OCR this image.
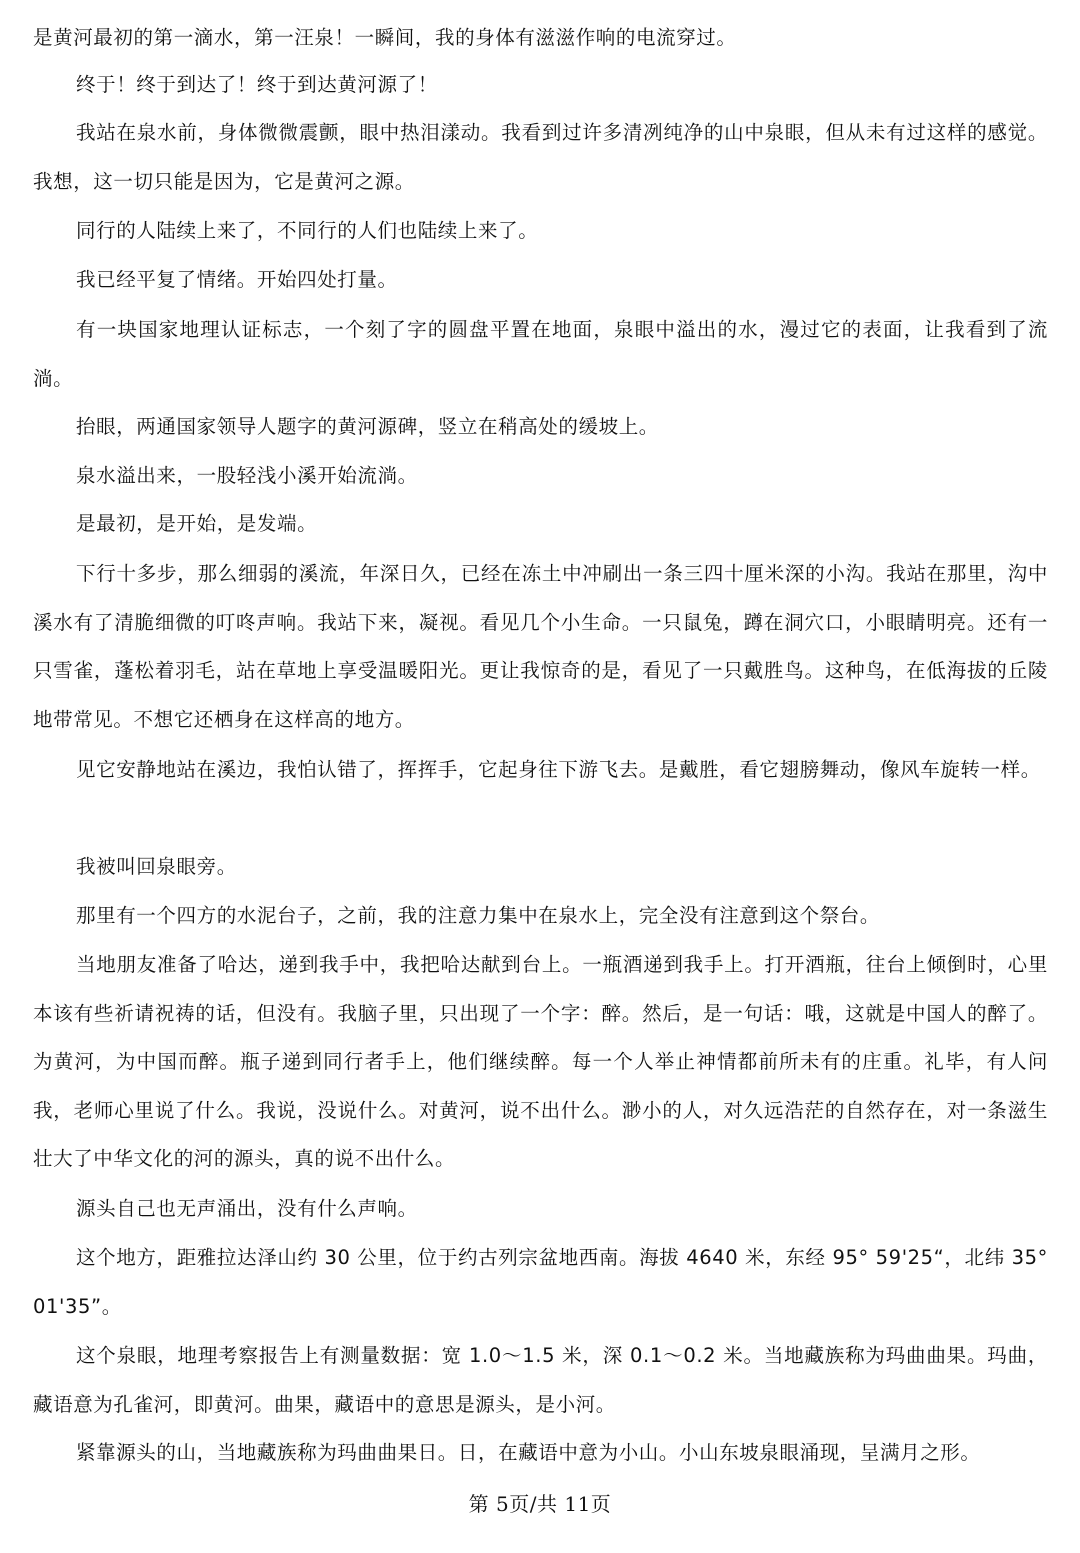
是黄河最初的第一滴水，第一汪泉！一瞬间，我的身体有滋滋作响的电流穿过。

终于！终于到达了！终于到达黄河源了！

我站在泉水前，身体微微震颤，眼中热泪漾动。我看到过许多清冽纯净的山中泉眼，但从未有过这样的感觉。我想，这一切只能是因为，它是黄河之源。

同行的人陆续上来了，不同行的人们也陆续上来了。

我已经平复了情绪。开始四处打量。

有一块国家地理认证标志，一个刻了字的圆盘平置在地面，泉眼中溢出的水，漫过它的表面，让我看到了流淌。

抬眼，两通国家领导人题字的黄河源碑，竖立在稍高处的缓坡上。

泉水溢出来，一股轻浅小溪开始流淌。

是最初，是开始，是发端。

下行十多步，那么细弱的溪流，年深日久，已经在冻土中冲刷出一条三四十厘米深的小沟。我站在那里，沟中溪水有了清脆细微的叮咚声响。我站下来，凝视。看见几个小生命。一只鼠兔，蹲在洞穴口，小眼睛明亮。还有一只雪雀，蓬松着羽毛，站在草地上享受温暖阳光。更让我惊奇的是，看见了一只戴胜鸟。这种鸟，在低海拔的丘陵地带常见。不想它还栖身在这样高的地方。

见它安静地站在溪边，我怕认错了，挥挥手，它起身往下游飞去。是戴胜，看它翅膀舞动，像风车旋转一样。

我被叫回泉眼旁。

那里有一个四方的水泥台子，之前，我的注意力集中在泉水上，完全没有注意到这个祭台。

当地朋友准备了哈达，递到我手中，我把哈达献到台上。一瓶酒递到我手上。打开酒瓶，往台上倾倒时，心里本该有些祈请祝祷的话，但没有。我脑子里，只出现了一个字：醉。然后，是一句话：哦，这就是中国人的醉了。为黄河，为中国而醉。瓶子递到同行者手上，他们继续醉。每一个人举止神情都前所未有的庄重。礼毕，有人问我，老师心里说了什么。我说，没说什么。对黄河，说不出什么。渺小的人，对久远浩茫的自然存在，对一条滋生壮大了中华文化的河的源头，真的说不出什么。

源头自己也无声涌出，没有什么声响。

这个地方，距雅拉达泽山约 30 公里，位于约古列宗盆地西南。海拔 4640 米，东经 95° 59'25“，北纬 35° 01'35”。

这个泉眼，地理考察报告上有测量数据：宽 1.0～1.5 米，深 0.1～0.2 米。当地藏族称为玛曲曲果。玛曲，藏语意为孔雀河，即黄河。曲果，藏语中的意思是源头，是小河。

紧靠源头的山，当地藏族称为玛曲曲果日。日，在藏语中意为小山。小山东坡泉眼涌现，呈满月之形。

第 5页/共 11页
